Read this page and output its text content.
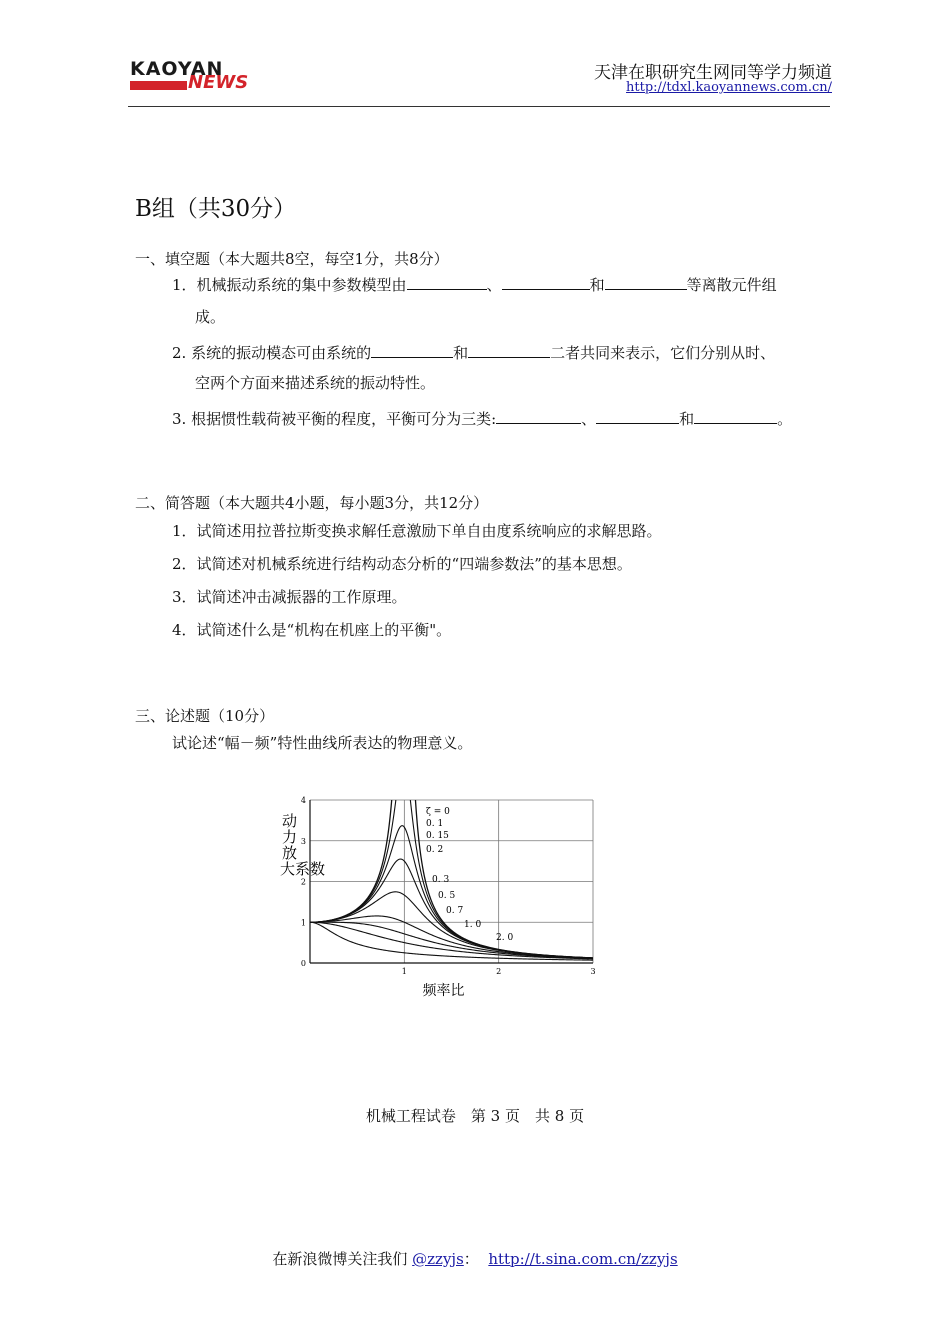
KAOYAN
NEWS	天津在职研究生网同等学力频道
http://tdxl.kaoyannews.com.cn/
B组（共30分）
一、填空题（本大题共8空，每空1分，共8分）
1．机械振动系统的集中参数模型由	、	和	等离散元件组
成。
2. 系统的振动模态可由系统的	和	二者共同来表示，它们分别从时、
空两个方面来描述系统的振动特性。
3. 根据惯性载荷被平衡的程度，平衡可分为三类:	、	和	。
二、简答题（本大题共4小题，每小题3分，共12分）
1．试简述用拉普拉斯变换求解任意激励下单自由度系统响应的求解思路。
2．试简述对机械系统进行结构动态分析的“四端参数法”的基本思想。
3．试简述冲击减振器的工作原理。
4．试简述什么是“机构在机座上的平衡"。
三、论述题（10分）
试论述“幅－频”特性曲线所表达的物理意义。
0
1
2
3
4
1	2	3
ζ = 0
0. 1
0. 15
0. 2
0. 3
0. 5
0. 7
1. 0
2. 0
动
力
放
大系数
频率比
机械工程试卷　第 3 页　共 8 页
在新浪微博关注我们 @zzyjs： http://t.sina.com.cn/zzyjs
